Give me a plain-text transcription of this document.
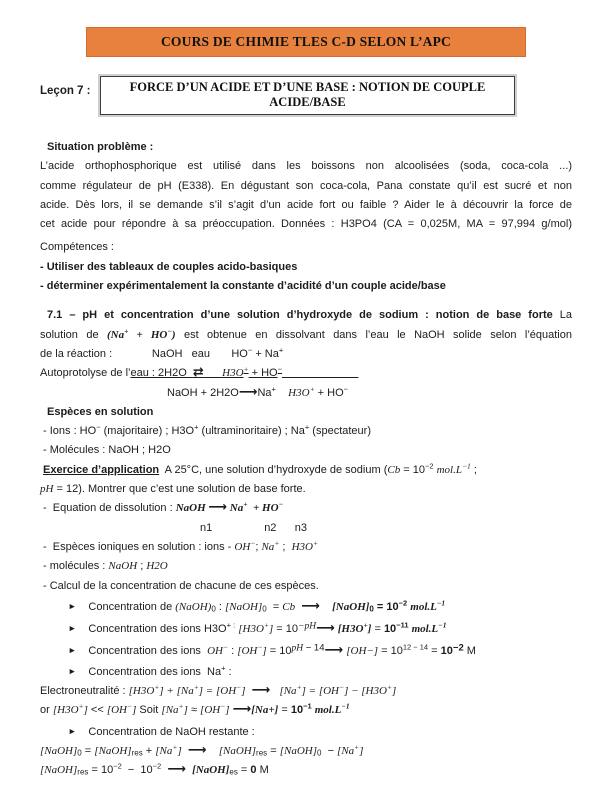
COURS DE CHIMIE TLES C-D SELON L’APC
Leçon 7 :	FORCE D’UN ACIDE ET D’UNE BASE : NOTION DE COUPLE
ACIDE/BASE
Situation problème :
L’acide orthophosphorique est utilisé dans les boissons non alcoolisées (soda, coca-cola ...)
comme régulateur de pH (E338). En dégustant son coca-cola, Pana constate qu’il est sucré et non
acide. Dès lors, il se demande s’il s’agit d’un acide fort ou faible ? Aider le à découvrir la force de
cet acide pour répondre à sa préoccupation. Données : H3PO4 (CA = 0,025M, MA = 97,994 g/mol)
Compétences :
- Utiliser des tableaux de couples acido-basiques
- déterminer expérimentalement la constante d’acidité d’un couple acide/base
7.1 – pH et concentration d’une solution d’hydroxyde de sodium : notion de base forte La
solution de (Na+ + HO−) est obtenue en dissolvant dans l’eau le NaOH solide selon l’équation
de la réaction :             NaOH   eau       HO− + Na+
Autoprotolyse de l’eau : 2H2O  ⇄ H3O+ + HO−
NaOH + 2H2O⟶Na+ H3O+ + HO−
Espèces en solution
- Ions : HO− (majoritaire) ; H3O+ (ultraminoritaire) ; Na+ (spectateur)
- Molécules : NaOH ; H2O
Exercice d’application  A 25°C, une solution d’hydroxyde de sodium ($Cb = 10^{-2}$ $mol.L^{-1}$ ;
pH = 12). Montrer que c’est une solution de base forte.
-  Equation de dissolution : NaOH ⟶ Na+  + HO−
n1                 n2      n3
-  Espèces ioniques en solution : ions - OH−; Na+ ;  H3O+
- molécules : NaOH ; H2O
- Calcul de la concentration de chacune de ces espèces.
► Concentration de (NaOH)0 : [NaOH]0  = Cb ⟶ [NaOH]0 = $10^{-2}$ $mol.L^{-1}$
► Concentration des ions H3O+ : [H3O+] = 10−pH⟶ $[H3O^+] = 10^{-11}$ $mol.L^{-1}$
► Concentration des ions  OH− : [OH−] = 10pH − 14⟶ $[OH-] = 10^{12 - 14} = 10-2$ M
► Concentration des ions  Na+ :
Electroneutralité : [H3O+] + [Na+] = [OH−] ⟶ [Na+] = [OH−] − [H3O+]
or [H3O+] << [OH−] Soit [Na+] ≈ [OH−] ⟶[Na+] = $10^{-1}$ $mol.L^{-1}$
► Concentration de NaOH restante :
[NaOH]0 = [NaOH]res + [Na+] ⟶ [NaOH]res = [NaOH]0  − [Na+]
[NaOH]res = $10^{-2} - 10^{-2}$ ⟶ [NaOH]es = 0 M
